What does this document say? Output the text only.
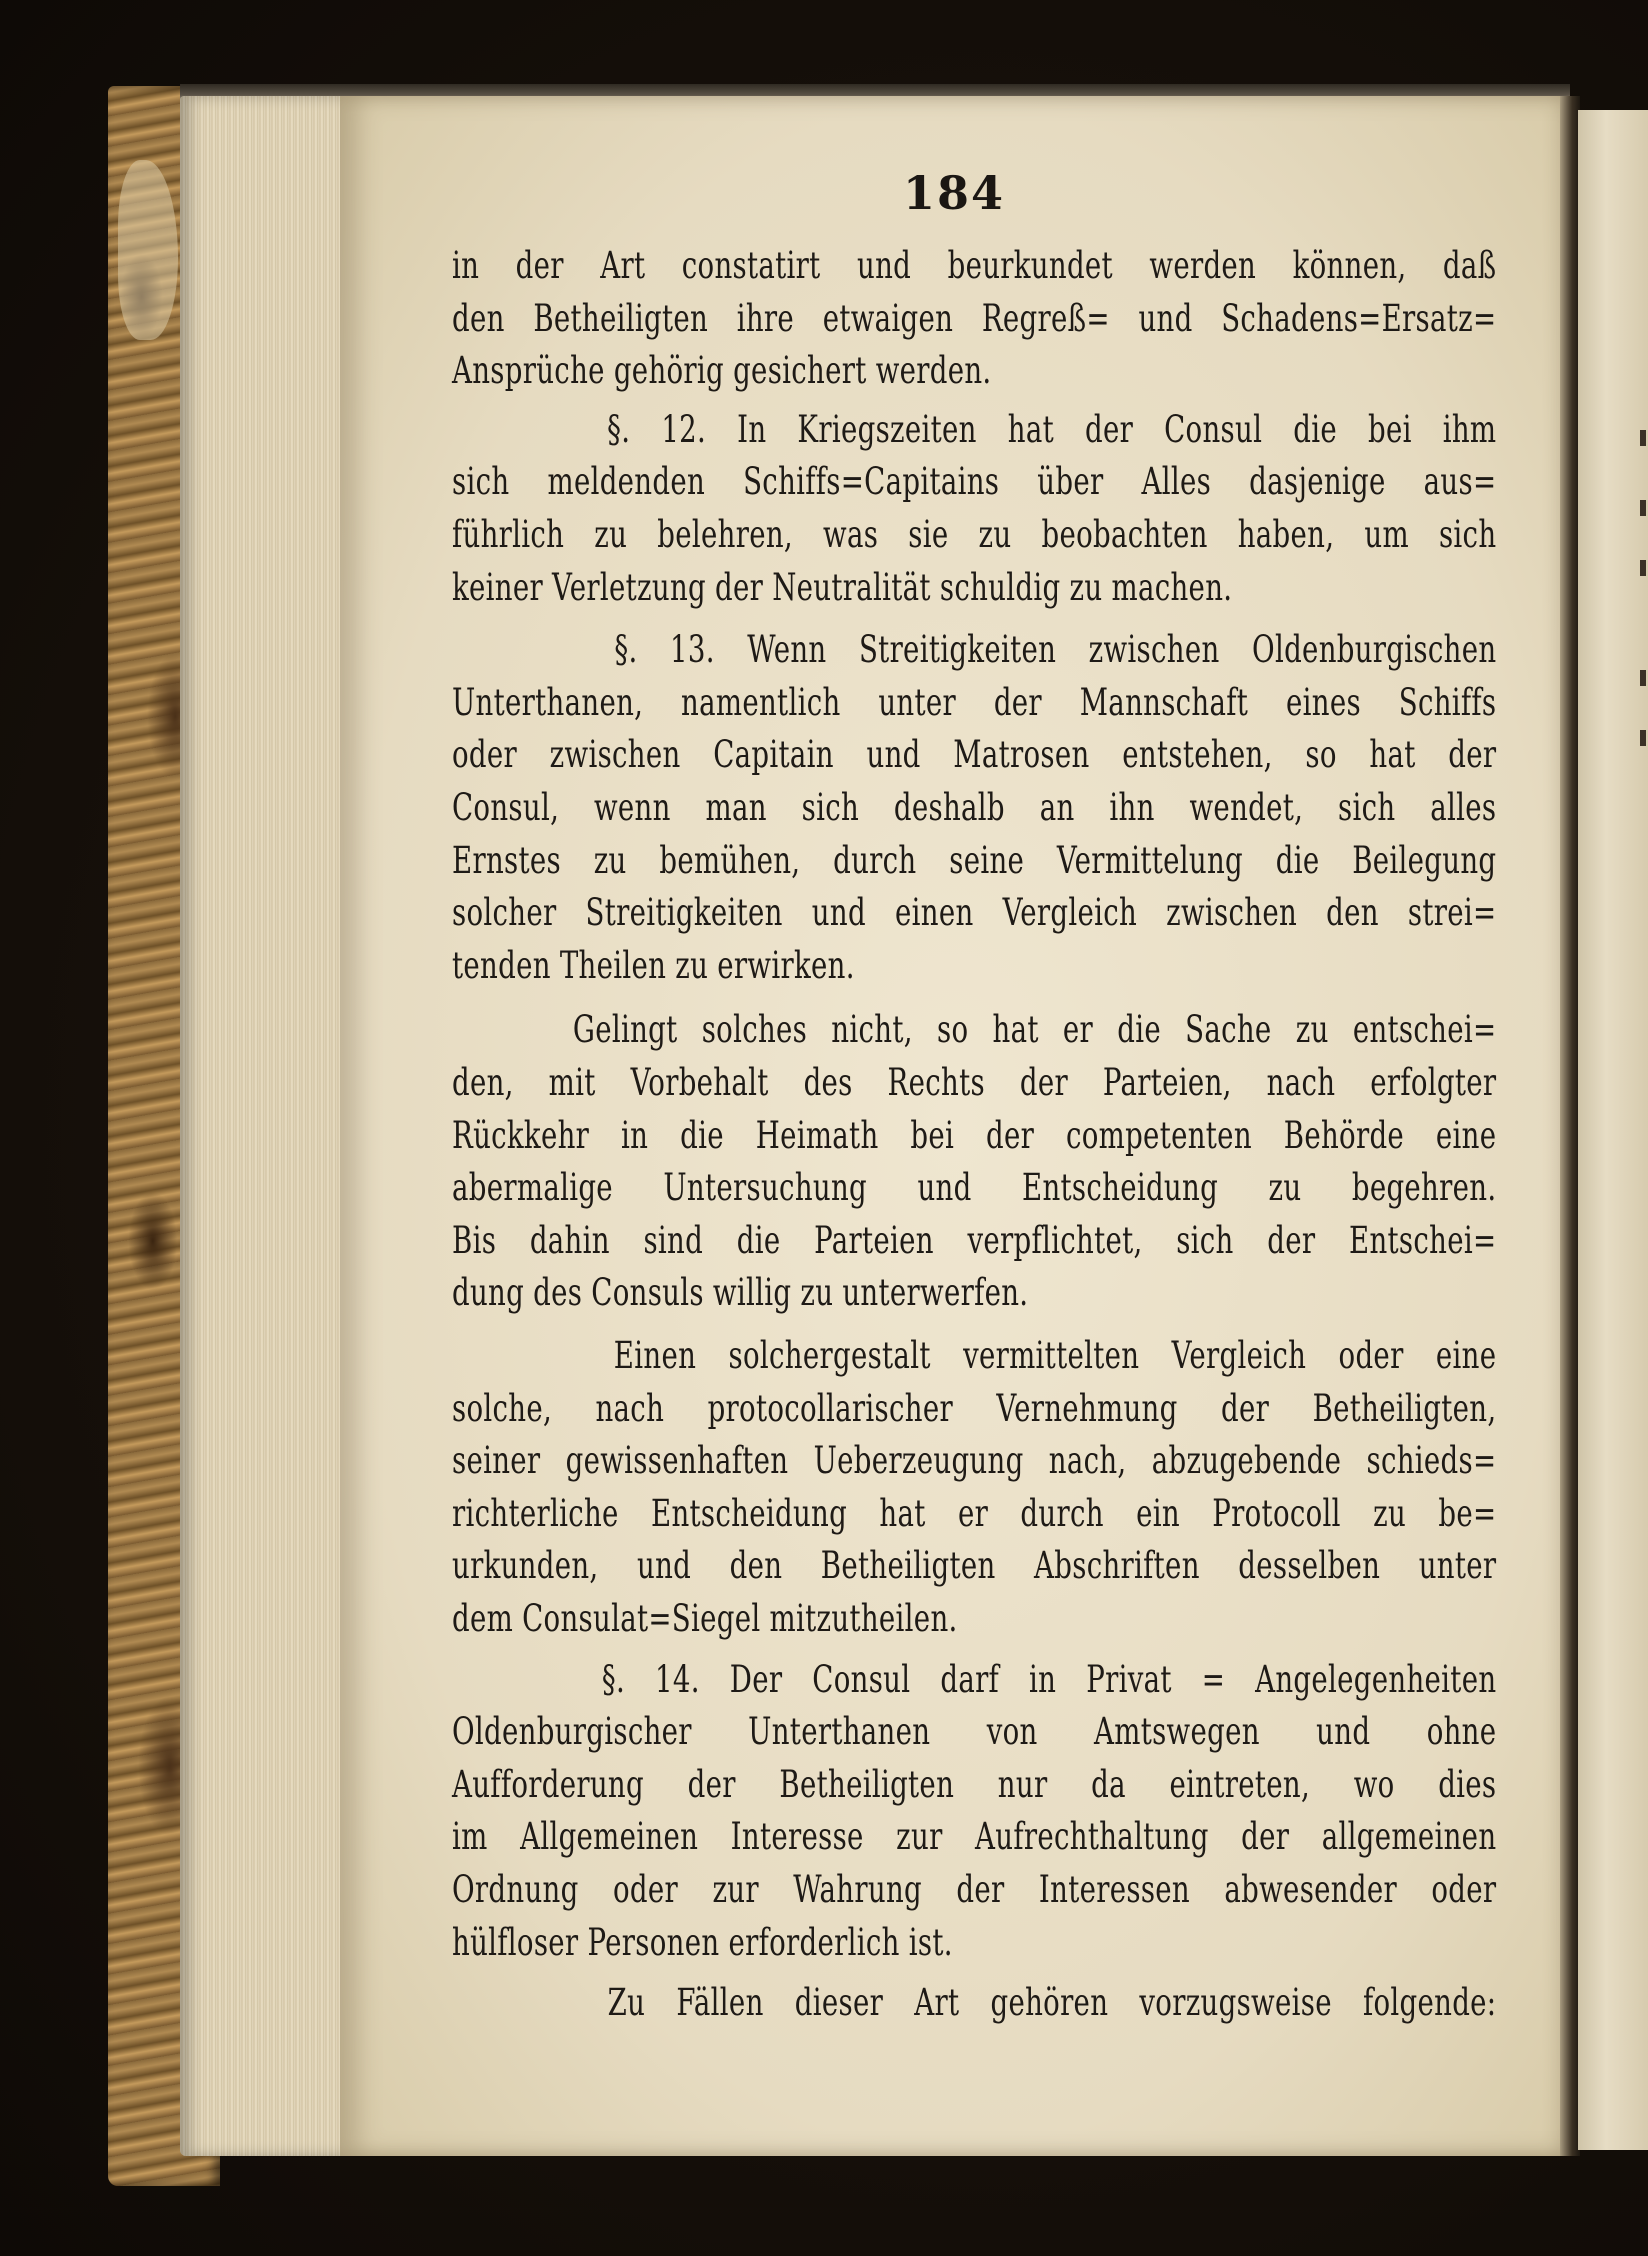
184
in der Art constatirt und beurkundet werden können, daß
den Betheiligten ihre etwaigen Regreß= und Schadens=Ersatz=
Ansprüche gehörig gesichert werden.
§. 12. In Kriegszeiten hat der Consul die bei ihm
sich meldenden Schiffs=Capitains über Alles dasjenige aus=
führlich zu belehren, was sie zu beobachten haben, um sich
keiner Verletzung der Neutralität schuldig zu machen.
§. 13. Wenn Streitigkeiten zwischen Oldenburgischen
Unterthanen, namentlich unter der Mannschaft eines Schiffs
oder zwischen Capitain und Matrosen entstehen, so hat der
Consul, wenn man sich deshalb an ihn wendet, sich alles
Ernstes zu bemühen, durch seine Vermittelung die Beilegung
solcher Streitigkeiten und einen Vergleich zwischen den strei=
tenden Theilen zu erwirken.
Gelingt solches nicht, so hat er die Sache zu entschei=
den, mit Vorbehalt des Rechts der Parteien, nach erfolgter
Rückkehr in die Heimath bei der competenten Behörde eine
abermalige Untersuchung und Entscheidung zu begehren.
Bis dahin sind die Parteien verpflichtet, sich der Entschei=
dung des Consuls willig zu unterwerfen.
Einen solchergestalt vermittelten Vergleich oder eine
solche, nach protocollarischer Vernehmung der Betheiligten,
seiner gewissenhaften Ueberzeugung nach, abzugebende schieds=
richterliche Entscheidung hat er durch ein Protocoll zu be=
urkunden, und den Betheiligten Abschriften desselben unter
dem Consulat=Siegel mitzutheilen.
§. 14. Der Consul darf in Privat = Angelegenheiten
Oldenburgischer Unterthanen von Amtswegen und ohne
Aufforderung der Betheiligten nur da eintreten, wo dies
im Allgemeinen Interesse zur Aufrechthaltung der allgemeinen
Ordnung oder zur Wahrung der Interessen abwesender oder
hülfloser Personen erforderlich ist.
Zu Fällen dieser Art gehören vorzugsweise folgende:
